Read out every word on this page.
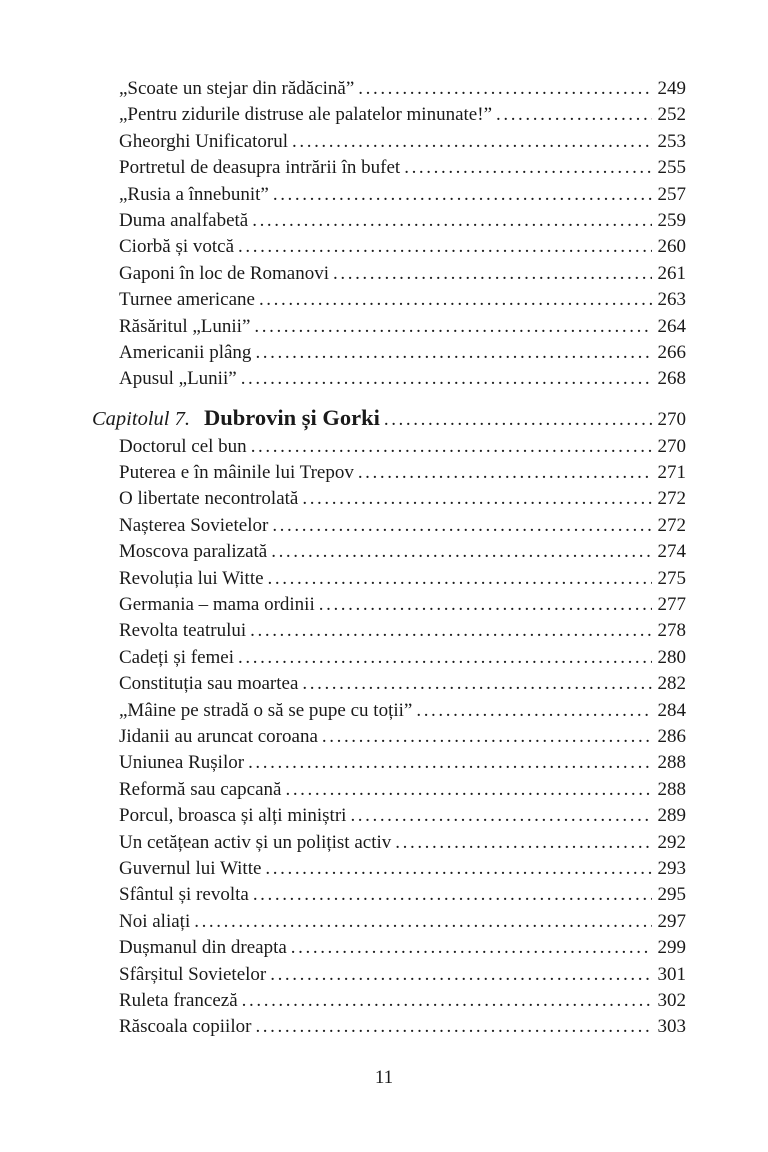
„Scoate un stejar din rădăcină” .....	249
„Pentru zidurile distruse ale palatelor minunate!” .....	252
Gheorghi Unificatorul .....	253
Portretul de deasupra intrării în bufet .....	255
„Rusia a înnebunit” .....	257
Duma analfabetă .....	259
Ciorbă și votcă .....	260
Gaponi în loc de Romanovi .....	261
Turnee americane .....	263
Răsăritul „Lunii” .....	264
Americanii plâng .....	266
Apusul „Lunii” .....	268
Capitolul 7. Dubrovin și Gorki .....	270
Doctorul cel bun .....	270
Puterea e în mâinile lui Trepov .....	271
O libertate necontrolată .....	272
Nașterea Sovietelor .....	272
Moscova paralizată .....	274
Revoluția lui Witte .....	275
Germania – mama ordinii .....	277
Revolta teatrului .....	278
Cadeți și femei .....	280
Constituția sau moartea .....	282
„Mâine pe stradă o să se pupe cu toții” .....	284
Jidanii au aruncat coroana .....	286
Uniunea Rușilor .....	288
Reformă sau capcană .....	288
Porcul, broasca și alți miniștri .....	289
Un cetățean activ și un polițist activ .....	292
Guvernul lui Witte .....	293
Sfântul și revolta .....	295
Noi aliați .....	297
Dușmanul din dreapta .....	299
Sfârșitul Sovietelor .....	301
Ruleta franceză .....	302
Răscoala copiilor .....	303
11
